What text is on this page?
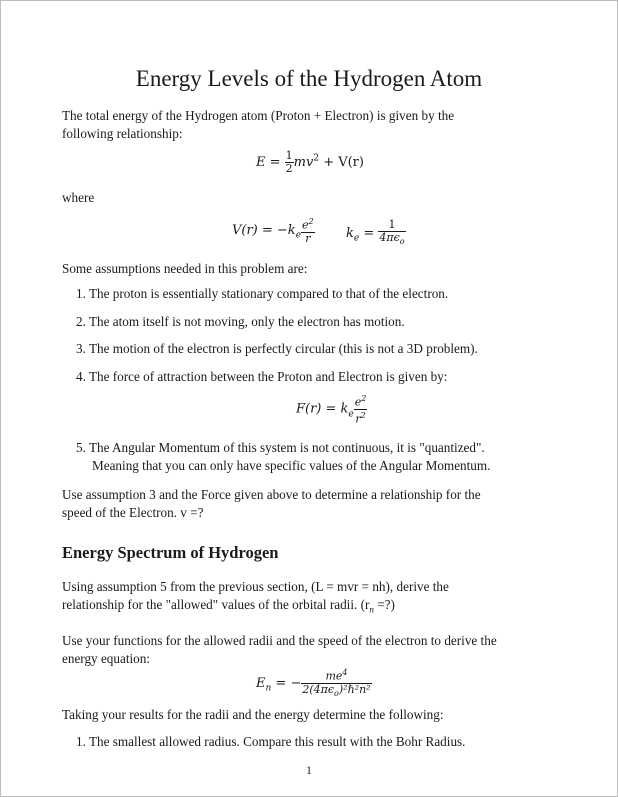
Energy Levels of the Hydrogen Atom
The total energy of the Hydrogen atom (Proton + Electron) is given by the
following relationship:
$E = \frac{1}{2} mv^2 + V(r)$
where
$V(r) = -k_e \frac{e^2}{r} k_e = \frac{1}{4\pi\epsilon_o}$
Some assumptions needed in this problem are:
1. The proton is essentially stationary compared to that of the electron.
2. The atom itself is not moving, only the electron has motion.
3. The motion of the electron is perfectly circular (this is not a 3D problem).
4. The force of attraction between the Proton and Electron is given by:
$F(r) = k_e \frac{e^2}{r^2}$
5. The Angular Momentum of this system is not continuous, it is "quantized".
Meaning that you can only have specific values of the Angular Momentum.
Use assumption 3 and the Force given above to determine a relationship for the
speed of the Electron. v =?
Energy Spectrum of Hydrogen
Using assumption 5 from the previous section, (L = mvr = nh), derive the
relationship for the "allowed" values of the orbital radii. ($r_n$ =?)
Use your functions for the allowed radii and the speed of the electron to derive the
energy equation:
$E_n$ = − $\frac{me^4}{2(4\pi\epsilon_o)^2\hbar^2n^2}$
Taking your results for the radii and the energy determine the following:
1. The smallest allowed radius. Compare this result with the Bohr Radius.
1
